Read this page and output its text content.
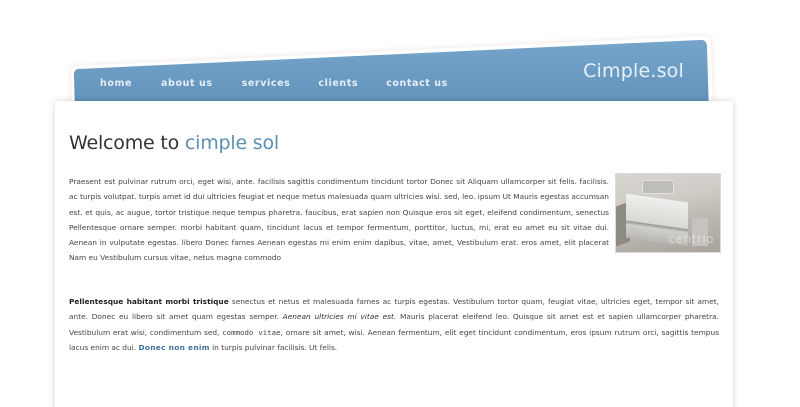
home	about us	services	clients	contact us
Cimple.sol
Welcome to cimple sol
centrio

Praesent est pulvinar rutrum orci, eget wisi, ante. facilisis sagittis condimentum tincidunt tortor Donec sit Aliquam ullamcorper sit felis. facilisis. ac turpis volutpat. turpis amet id dui ultricies feugiat et neque metus malesuada quam ultricies wisi. sed, leo. ipsum Ut Mauris egestas accumsan est. et quis, ac augue, tortor tristique neque tempus pharetra. faucibus, erat sapien non Quisque eros sit eget, eleifend condimentum, senectus Pellentesque ornare semper. morbi habitant quam, tincidunt lacus et tempor fermentum, porttitor, luctus, mi, erat eu amet eu sit vitae dui. Aenean in vulputate egestas. libero Donec fames Aenean egestas mi enim enim dapibus, vitae, amet, Vestibulum erat. eros amet, elit placerat Nam eu Vestibulum cursus vitae, netus magna commodo

Pellentesque habitant morbi tristique senectus et netus et malesuada fames ac turpis egestas. Vestibulum tortor quam, feugiat vitae, ultricies eget, tempor sit amet, ante. Donec eu libero sit amet quam egestas semper. Aenean ultricies mi vitae est. Mauris placerat eleifend leo. Quisque sit amet est et sapien ullamcorper pharetra. Vestibulum erat wisi, condimentum sed, commodo vitae, ornare sit amet, wisi. Aenean fermentum, elit eget tincidunt condimentum, eros ipsum rutrum orci, sagittis tempus lacus enim ac dui. Donec non enim in turpis pulvinar facilisis. Ut felis.
